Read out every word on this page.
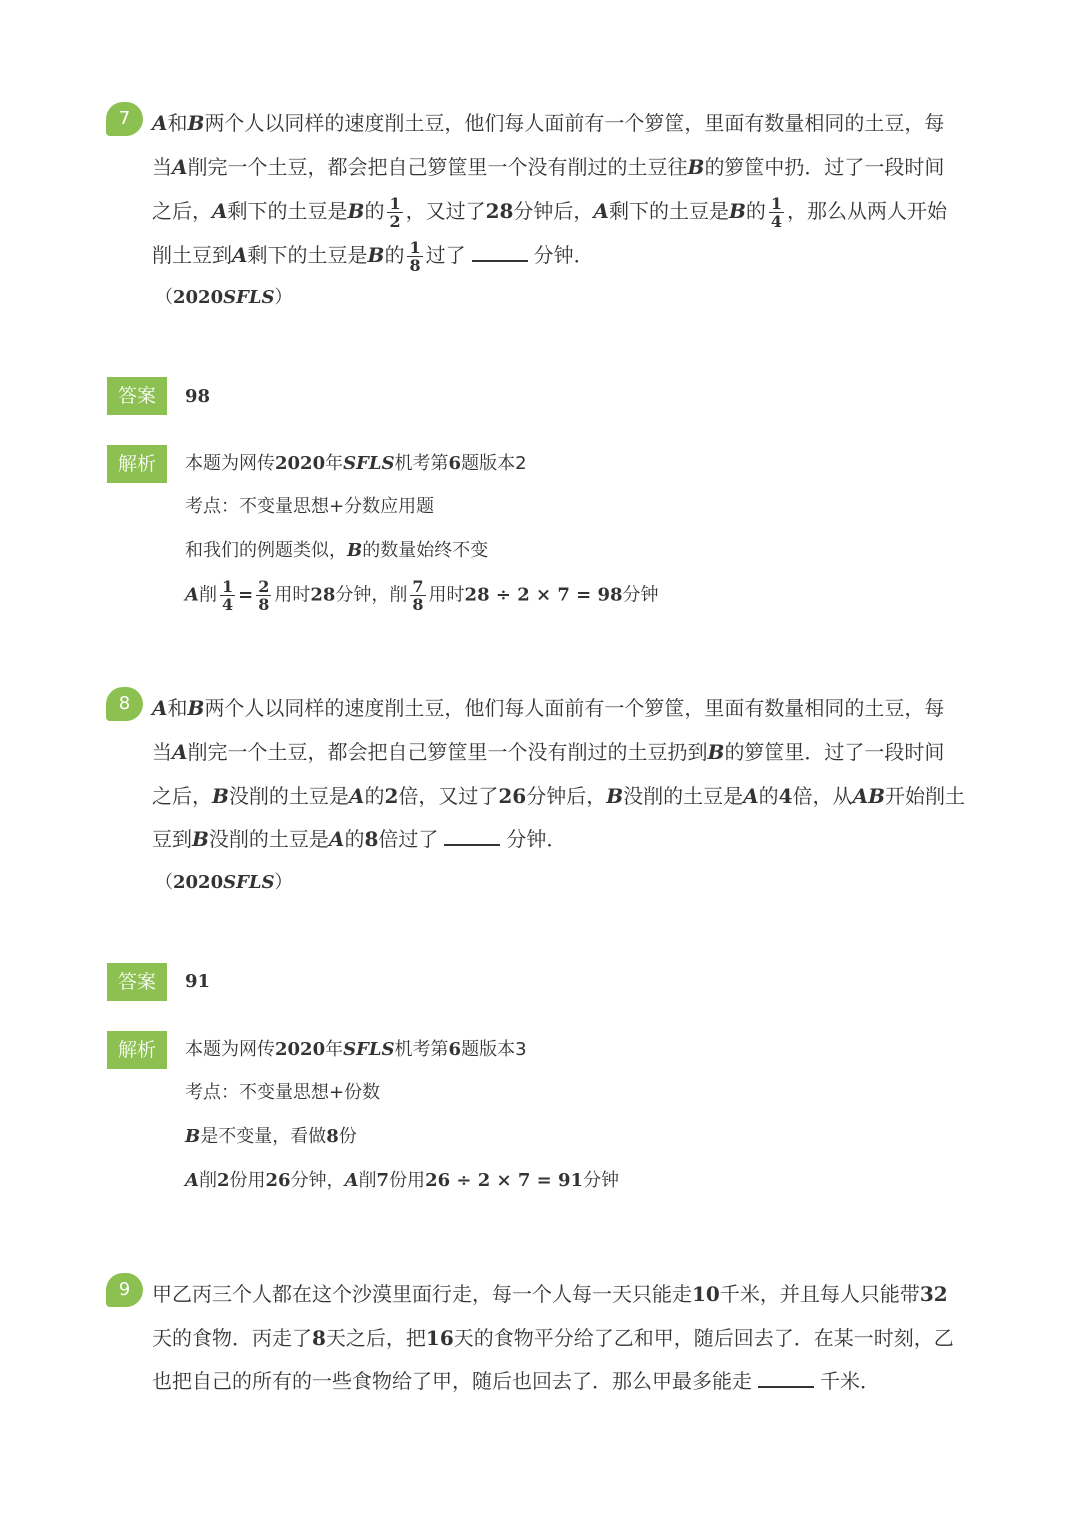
7	A和B两个人以同样的速度削土豆，他们每人面前有一个箩筐，里面有数量相同的土豆，每
当A削完一个土豆，都会把自己箩筐里一个没有削过的土豆往B的箩筐中扔．过了一段时间
之后，A剩下的土豆是B的 $\frac{1}{2}$ ，又过了28分钟后，A剩下的土豆是B的 $\frac{1}{4}$ ，那么从两人开始
削土豆到A剩下的土豆是B的 $\frac{1}{8}$ 过了	分钟．
（2020SFLS）
答案	98
解析	本题为网传2020年SFLS机考第6题版本2
考点：不变量思想+分数应用题
和我们的例题类似，B的数量始终不变
A削 $\frac{1}{4} = \frac{2}{8}$ 用时28分钟，削 $\frac{7}{8}$ 用时28 ÷ 2 × 7 = 98分钟
8	A和B两个人以同样的速度削土豆，他们每人面前有一个箩筐，里面有数量相同的土豆，每
当A削完一个土豆，都会把自己箩筐里一个没有削过的土豆扔到B的箩筐里．过了一段时间
之后，B没削的土豆是A的2倍，又过了26分钟后，B没削的土豆是A的4倍，从AB开始削土
豆到B没削的土豆是A的8倍过了	分钟．
（2020SFLS）
答案	91
解析	本题为网传2020年SFLS机考第6题版本3
考点：不变量思想+份数
B是不变量，看做8份
A削2份用26分钟，A削7份用26 ÷ 2 × 7 = 91分钟
9	甲乙丙三个人都在这个沙漠里面行走，每一个人每一天只能走10千米，并且每人只能带32
天的食物．丙走了8天之后，把16天的食物平分给了乙和甲，随后回去了．在某一时刻，乙
也把自己的所有的一些食物给了甲，随后也回去了．那么甲最多能走	千米．
